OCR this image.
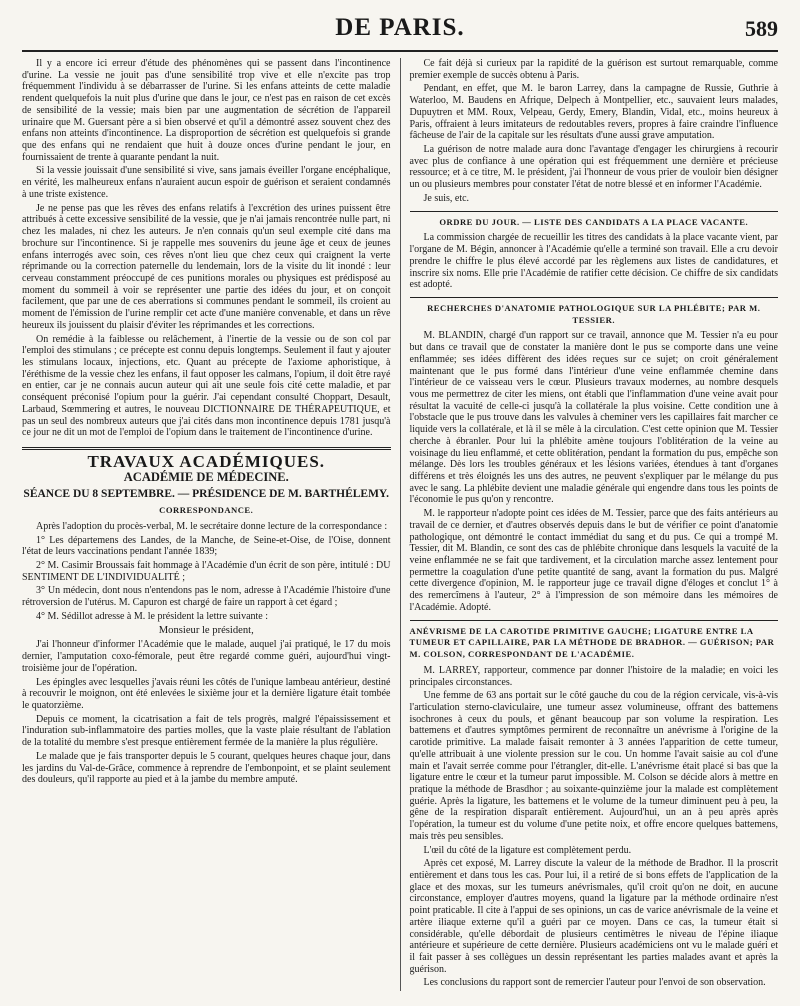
DE PARIS.	589

Il y a encore ici erreur d'étude des phénomènes qui se passent dans l'incontinence d'urine. La vessie ne jouit pas d'une sensibilité trop vive et elle n'excite pas trop fréquemment l'individu à se débarrasser de l'urine. Si les enfans atteints de cette maladie rendent quelquefois la nuit plus d'urine que dans le jour, ce n'est pas en raison de cet excès de sensibilité de la vessie; mais bien par une augmentation de sécrétion de l'appareil urinaire que M. Guersant père a si bien observé et qu'il a démontré assez souvent chez des enfans non atteints d'incontinence. La disproportion de sécrétion est quelquefois si grande que des enfans qui ne rendaient que huit à douze onces d'urine pendant le jour, en fournissaient de trente à quarante pendant la nuit.

Si la vessie jouissait d'une sensibilité si vive, sans jamais éveiller l'organe encéphalique, en vérité, les malheureux enfans n'auraient aucun espoir de guérison et seraient condamnés à une triste existence.

Je ne pense pas que les rêves des enfans relatifs à l'excrétion des urines puissent être attribués à cette excessive sensibilité de la vessie, que je n'ai jamais rencontrée nulle part, ni chez les malades, ni chez les auteurs. Je n'en connais qu'un seul exemple cité dans ma brochure sur l'incontinence. Si je rappelle mes souvenirs du jeune âge et ceux de jeunes enfans interrogés avec soin, ces rêves n'ont lieu que chez ceux qui craignent la verte réprimande ou la correction paternelle du lendemain, lors de la visite du lit inondé : leur cerveau constamment préoccupé de ces punitions morales ou physiques est prédisposé au moment du sommeil à voir se représenter une partie des idées du jour, et on conçoit facilement, que par une de ces aberrations si communes pendant le sommeil, ils croient au moment de l'émission de l'urine remplir cet acte d'une manière convenable, et dans un rêve heureux ils jouissent du plaisir d'éviter les réprimandes et les corrections.

On remédie à la faiblesse ou relâchement, à l'inertie de la vessie ou de son col par l'emploi des stimulans ; ce précepte est connu depuis longtemps. Seulement il faut y ajouter les stimulans locaux, injections, etc. Quant au précepte de l'axiome aphoristique, à l'éréthisme de la vessie chez les enfans, il faut opposer les calmans, l'opium, il doit être rayé en entier, car je ne connais aucun auteur qui ait une seule fois cité cette maladie, et par conséquent préconisé l'opium pour la guérir. J'ai cependant consulté Choppart, Desault, Larbaud, Sœmmering et autres, le nouveau DICTIONNAIRE DE THÉRAPEUTIQUE, et pas un seul des nombreux auteurs que j'ai cités dans mon incontinence depuis 1781 jusqu'à ce jour ne dit un mot de l'emploi de l'opium dans le traitement de l'incontinence d'urine.

TRAVAUX ACADÉMIQUES.
ACADÉMIE DE MÉDECINE.
SÉANCE DU 8 SEPTEMBRE. — PRÉSIDENCE DE M. BARTHÉLEMY.
CORRESPONDANCE.

Après l'adoption du procès-verbal, M. le secrétaire donne lecture de la correspondance :

1° Les départemens des Landes, de la Manche, de Seine-et-Oise, de l'Oise, donnent l'état de leurs vaccinations pendant l'année 1839;

2° M. Casimir Broussais fait hommage à l'Académie d'un écrit de son père, intitulé : DU SENTIMENT DE L'INDIVIDUALITÉ ;

3° Un médecin, dont nous n'entendons pas le nom, adresse à l'Académie l'histoire d'une rétroversion de l'utérus. M. Capuron est chargé de faire un rapport à cet égard ;

4° M. Sédillot adresse à M. le président la lettre suivante :

Monsieur le président,

J'ai l'honneur d'informer l'Académie que le malade, auquel j'ai pratiqué, le 17 du mois dernier, l'amputation coxo-fémorale, peut être regardé comme guéri, aujourd'hui vingt-troisième jour de l'opération.

Les épingles avec lesquelles j'avais réuni les côtés de l'unique lambeau antérieur, destiné à recouvrir le moignon, ont été enlevées le sixième jour et la dernière ligature était tombée le quatorzième.

Depuis ce moment, la cicatrisation a fait de tels progrès, malgré l'épaississement et l'induration sub-inflammatoire des parties molles, que la vaste plaie résultant de l'ablation de la totalité du membre s'est presque entièrement fermée de la manière la plus régulière.

Le malade que je fais transporter depuis le 5 courant, quelques heures chaque jour, dans les jardins du Val-de-Grâce, commence à reprendre de l'embonpoint, et se plaint seulement des douleurs, qu'il rapporte au pied et à la jambe du membre amputé.

Ce fait déjà si curieux par la rapidité de la guérison est surtout remarquable, comme premier exemple de succès obtenu à Paris.

Pendant, en effet, que M. le baron Larrey, dans la campagne de Russie, Guthrie à Waterloo, M. Baudens en Afrique, Delpech à Montpellier, etc., sauvaient leurs malades, Dupuytren et MM. Roux, Velpeau, Gerdy, Emery, Blandin, Vidal, etc., moins heureux à Paris, offraient à leurs imitateurs de redoutables revers, propres à faire craindre l'influence fâcheuse de l'air de la capitale sur les résultats d'une aussi grave amputation.

La guérison de notre malade aura donc l'avantage d'engager les chirurgiens à recourir avec plus de confiance à une opération qui est fréquemment une dernière et précieuse ressource; et à ce titre, M. le président, j'ai l'honneur de vous prier de vouloir bien désigner un ou plusieurs membres pour constater l'état de notre blessé et en informer l'Académie.

Je suis, etc.

ORDRE DU JOUR. — LISTE DES CANDIDATS A LA PLACE VACANTE.

La commission chargée de recueillir les titres des candidats à la place vacante vient, par l'organe de M. Bégin, annoncer à l'Académie qu'elle a terminé son travail. Elle a cru devoir prendre le chiffre le plus élevé accordé par les règlemens aux listes de candidatures, et inscrire six noms. Elle prie l'Académie de ratifier cette décision. Ce chiffre de six candidats est adopté.

RECHERCHES D'ANATOMIE PATHOLOGIQUE SUR LA PHLÉBITE; PAR M. TESSIER.

M. BLANDIN, chargé d'un rapport sur ce travail, annonce que M. Tessier n'a eu pour but dans ce travail que de constater la manière dont le pus se comporte dans une veine enflammée; ses idées diffèrent des idées reçues sur ce sujet; on croit généralement maintenant que le pus formé dans l'intérieur d'une veine enflammée chemine dans l'intérieur de ce vaisseau vers le cœur. Plusieurs travaux modernes, au nombre desquels vous me permettrez de citer les miens, ont établi que l'inflammation d'une veine avait pour résultat la vacuité de celle-ci jusqu'à la collatérale la plus voisine. Cette condition une à l'obstacle que le pus trouve dans les valvules à cheminer vers les capillaires fait marcher ce liquide vers la collatérale, et là il se mêle à la circulation. C'est cette opinion que M. Tessier cherche à ébranler. Pour lui la phlébite amène toujours l'oblitération de la veine au voisinage du lieu enflammé, et cette oblitération, pendant la formation du pus, empêche son mélange. Dès lors les troubles généraux et les lésions variées, étendues à tant d'organes différens et très éloignés les uns des autres, ne peuvent s'expliquer par le mélange du pus avec le sang. La phlébite devient une maladie générale qui engendre dans tous les points de l'économie le pus qu'on y rencontre.

M. le rapporteur n'adopte point ces idées de M. Tessier, parce que des faits antérieurs au travail de ce dernier, et d'autres observés depuis dans le but de vérifier ce point d'anatomie pathologique, ont démontré le contact immédiat du sang et du pus. Ce qui a trompé M. Tessier, dit M. Blandin, ce sont des cas de phlébite chronique dans lesquels la vacuité de la veine enflammée ne se fait que tardivement, et la circulation marche assez lentement pour permettre la coagulation d'une petite quantité de sang, avant la formation du pus. Malgré cette divergence d'opinion, M. le rapporteur juge ce travail digne d'éloges et conclut 1° à des remercîmens à l'auteur, 2° à l'impression de son mémoire dans les mémoires de l'Académie. Adopté.

ANÉVRISME DE LA CAROTIDE PRIMITIVE GAUCHE; LIGATURE ENTRE LA TUMEUR ET CAPILLAIRE, PAR LA MÉTHODE DE BRADHOR. — GUÉRISON; PAR M. COLSON, CORRESPONDANT DE L'ACADÉMIE.

M. LARREY, rapporteur, commence par donner l'histoire de la maladie; en voici les principales circonstances.

Une femme de 63 ans portait sur le côté gauche du cou de la région cervicale, vis-à-vis l'articulation sterno-claviculaire, une tumeur assez volumineuse, offrant des battemens isochrones à ceux du pouls, et gênant beaucoup par son volume la respiration. Les battemens et d'autres symptômes permirent de reconnaître un anévrisme à l'origine de la carotide primitive. La malade faisait remonter à 3 années l'apparition de cette tumeur, qu'elle attribuait à une violente pression sur le cou. Un homme l'avait saisie au col d'une main et l'avait serrée comme pour l'étrangler, dit-elle. L'anévrisme était placé si bas que la ligature entre le cœur et la tumeur parut impossible. M. Colson se décide alors à mettre en pratique la méthode de Brasdhor ; au soixante-quinzième jour la malade est complètement guérie. Après la ligature, les battemens et le volume de la tumeur diminuent peu à peu, la gêne de la respiration disparaît entièrement. Aujourd'hui, un an à peu après après l'opération, la tumeur est du volume d'une petite noix, et offre encore quelques battemens, mais très peu sensibles.

L'œil du côté de la ligature est complètement perdu.

Après cet exposé, M. Larrey discute la valeur de la méthode de Bradhor. Il la proscrit entièrement et dans tous les cas. Pour lui, il a retiré de si bons effets de l'application de la glace et des moxas, sur les tumeurs anévrismales, qu'il croit qu'on ne doit, en aucune circonstance, employer d'autres moyens, quand la ligature par la méthode ordinaire n'est point praticable. Il cite à l'appui de ses opinions, un cas de varice anévrismale de la veine et artère iliaque externe qu'il a guéri par ce moyen. Dans ce cas, la tumeur était si considérable, qu'elle débordait de plusieurs centimètres le niveau de l'épine iliaque antérieure et supérieure de cette dernière. Plusieurs académiciens ont vu le malade guéri et il fait passer à ses collègues un dessin représentant les parties malades avant et après la guérison.

Les conclusions du rapport sont de remercier l'auteur pour l'envoi de son observation.
